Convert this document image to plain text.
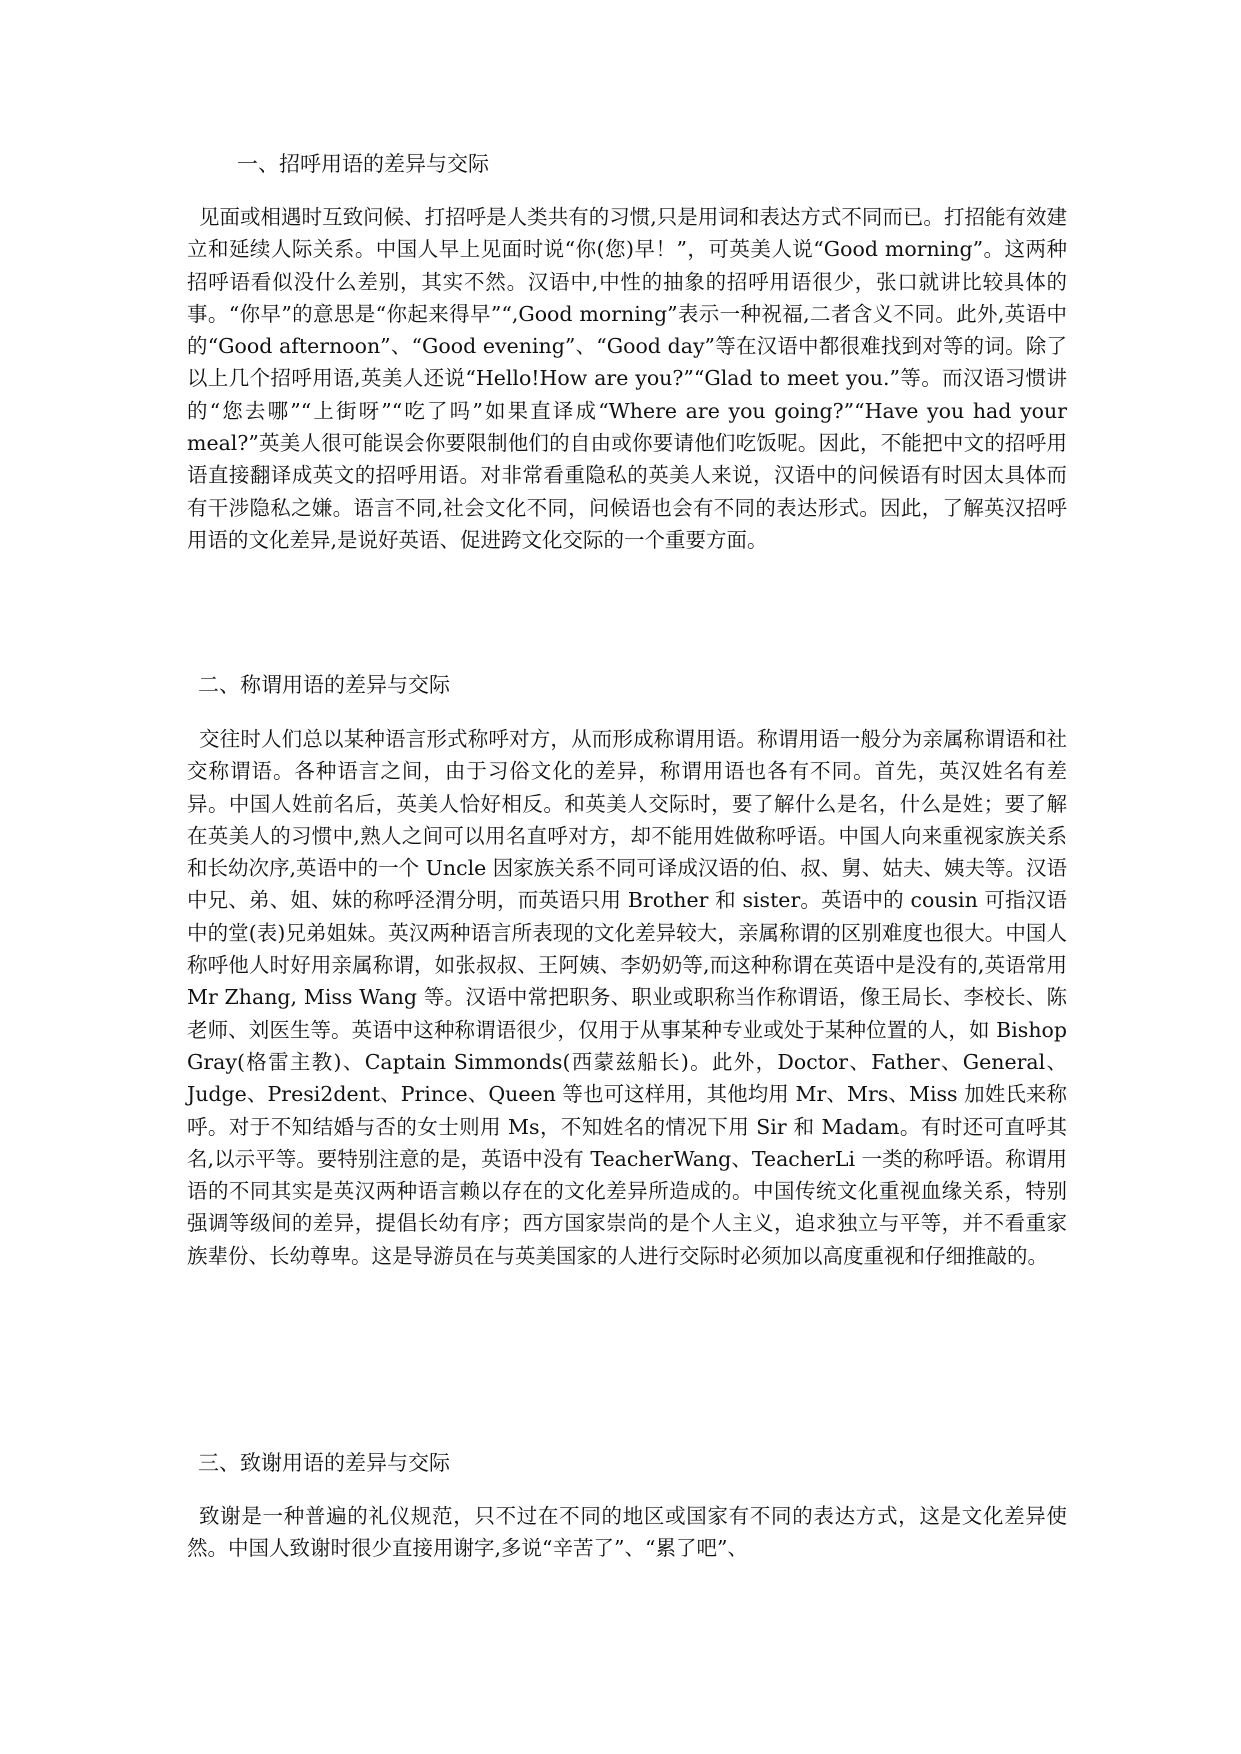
一、招呼用语的差异与交际

见面或相遇时互致问候、打招呼是人类共有的习惯,只是用词和表达方式不同而已。打招能有效建立和延续人际关系。中国人早上见面时说“你(您)早！”，可英美人说“Good morning”。这两种招呼语看似没什么差别，其实不然。汉语中,中性的抽象的招呼用语很少，张口就讲比较具体的事。“你早”的意思是“你起来得早”“,Good morning”表示一种祝福,二者含义不同。此外,英语中的“Good afternoon”、“Good evening”、“Good day”等在汉语中都很难找到对等的词。除了以上几个招呼用语,英美人还说“Hello!How are you?”“Glad to meet you.”等。而汉语习惯讲的“您去哪”“上街呀”“吃了吗”如果直译成“Where are you going?”“Have you had your meal?”英美人很可能误会你要限制他们的自由或你要请他们吃饭呢。因此，不能把中文的招呼用语直接翻译成英文的招呼用语。对非常看重隐私的英美人来说，汉语中的问候语有时因太具体而有干涉隐私之嫌。语言不同,社会文化不同，问候语也会有不同的表达形式。因此，了解英汉招呼用语的文化差异,是说好英语、促进跨文化交际的一个重要方面。

二、称谓用语的差异与交际

交往时人们总以某种语言形式称呼对方，从而形成称谓用语。称谓用语一般分为亲属称谓语和社交称谓语。各种语言之间，由于习俗文化的差异，称谓用语也各有不同。首先，英汉姓名有差异。中国人姓前名后，英美人恰好相反。和英美人交际时，要了解什么是名，什么是姓；要了解在英美人的习惯中,熟人之间可以用名直呼对方，却不能用姓做称呼语。中国人向来重视家族关系和长幼次序,英语中的一个 Uncle 因家族关系不同可译成汉语的伯、叔、舅、姑夫、姨夫等。汉语中兄、弟、姐、妹的称呼泾渭分明，而英语只用 Brother 和 sister。英语中的 cousin 可指汉语中的堂(表)兄弟姐妹。英汉两种语言所表现的文化差异较大，亲属称谓的区别难度也很大。中国人称呼他人时好用亲属称谓，如张叔叔、王阿姨、李奶奶等,而这种称谓在英语中是没有的,英语常用 Mr Zhang, Miss Wang 等。汉语中常把职务、职业或职称当作称谓语，像王局长、李校长、陈老师、刘医生等。英语中这种称谓语很少，仅用于从事某种专业或处于某种位置的人，如 Bishop Gray(格雷主教)、Captain Simmonds(西蒙兹船长)。此外，Doctor、Father、General、Judge、Presi2dent、Prince、Queen 等也可这样用，其他均用 Mr、Mrs、Miss 加姓氏来称呼。对于不知结婚与否的女士则用 Ms，不知姓名的情况下用 Sir 和 Madam。有时还可直呼其名,以示平等。要特别注意的是，英语中没有 TeacherWang、TeacherLi 一类的称呼语。称谓用语的不同其实是英汉两种语言赖以存在的文化差异所造成的。中国传统文化重视血缘关系，特别强调等级间的差异，提倡长幼有序；西方国家崇尚的是个人主义，追求独立与平等，并不看重家族辈份、长幼尊卑。这是导游员在与英美国家的人进行交际时必须加以高度重视和仔细推敲的。

三、致谢用语的差异与交际

致谢是一种普遍的礼仪规范，只不过在不同的地区或国家有不同的表达方式，这是文化差异使然。中国人致谢时很少直接用谢字,多说“辛苦了”、“累了吧”、
